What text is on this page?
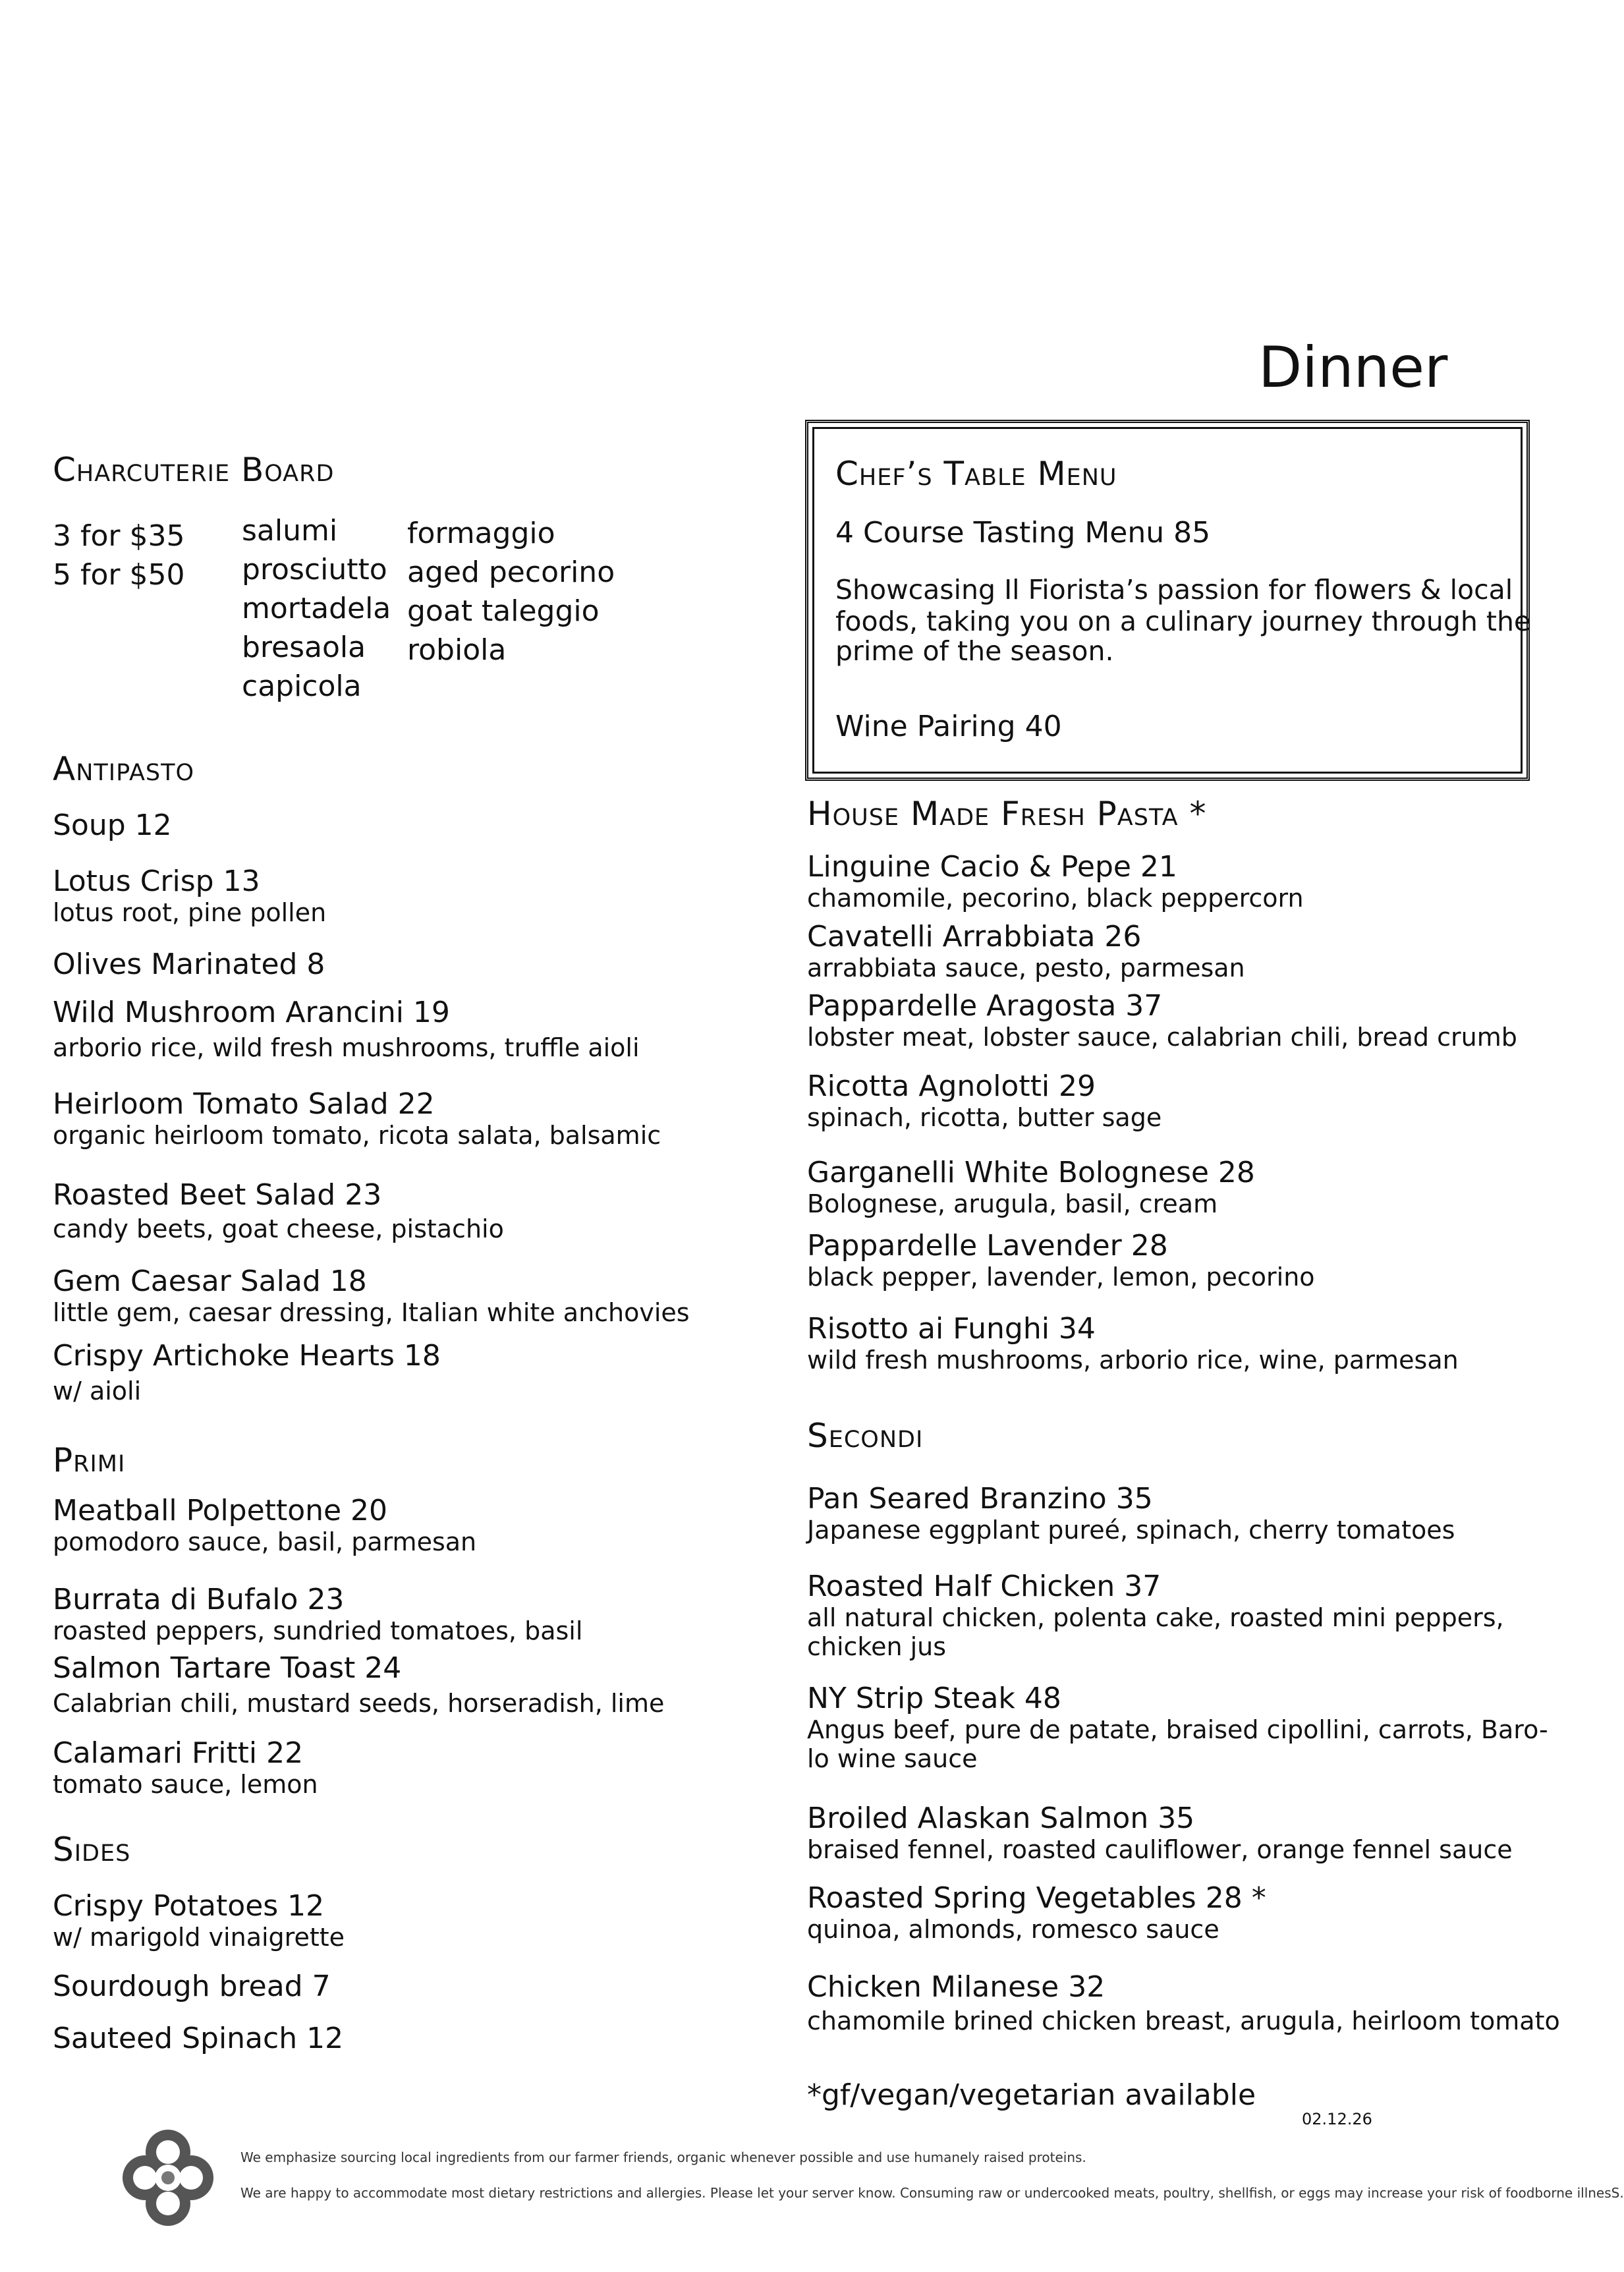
Dinner
Chef’s Table Menu
4 Course Tasting Menu 85
Showcasing Il Fiorista’s passion for flowers & local
foods, taking you on a culinary journey through the
prime of the season.
Wine Pairing 40
Charcuterie Board
3 for $35
5 for $50
salumi
prosciutto
mortadela
bresaola
capicola
formaggio
aged pecorino
goat taleggio
robiola
Antipasto
Soup 12
Lotus Crisp 13
lotus root, pine pollen
Olives Marinated 8
Wild Mushroom Arancini 19
arborio rice, wild fresh mushrooms, truffle aioli
Heirloom Tomato Salad 22
organic heirloom tomato, ricota salata, balsamic
Roasted Beet Salad 23
candy beets, goat cheese, pistachio
Gem Caesar Salad 18
little gem, caesar dressing, Italian white anchovies
Crispy Artichoke Hearts 18
w/ aioli
Primi
Meatball Polpettone 20
pomodoro sauce, basil, parmesan
Burrata di Bufalo 23
roasted peppers, sundried tomatoes, basil
Salmon Tartare Toast 24
Calabrian chili, mustard seeds, horseradish, lime
Calamari Fritti 22
tomato sauce, lemon
Sides
Crispy Potatoes 12
w/ marigold vinaigrette
Sourdough bread 7
Sauteed Spinach 12
House Made Fresh Pasta *
Linguine Cacio & Pepe 21
chamomile, pecorino, black peppercorn
Cavatelli Arrabbiata 26
arrabbiata sauce, pesto, parmesan
Pappardelle Aragosta 37
lobster meat, lobster sauce, calabrian chili, bread crumb
Ricotta Agnolotti 29
spinach, ricotta, butter sage
Garganelli White Bolognese 28
Bolognese, arugula, basil, cream
Pappardelle Lavender 28
black pepper, lavender, lemon, pecorino
Risotto ai Funghi 34
wild fresh mushrooms, arborio rice, wine, parmesan
Secondi
Pan Seared Branzino 35
Japanese eggplant pureé, spinach, cherry tomatoes
Roasted Half Chicken 37
all natural chicken, polenta cake, roasted mini peppers,
chicken jus
NY Strip Steak 48
Angus beef, pure de patate, braised cipollini, carrots, Baro-
lo wine sauce
Broiled Alaskan Salmon 35
braised fennel, roasted cauliflower, orange fennel sauce
Roasted Spring Vegetables 28 *
quinoa, almonds, romesco sauce
Chicken Milanese 32
chamomile brined chicken breast, arugula, heirloom tomato
*gf/vegan/vegetarian available
02.12.26
We emphasize sourcing local ingredients from our farmer friends, organic whenever possible and use humanely raised proteins.
We are happy to accommodate most dietary restrictions and allergies. Please let your server know. Consuming raw or undercooked meats, poultry, shellfish, or eggs may increase your risk of foodborne illnesS.
